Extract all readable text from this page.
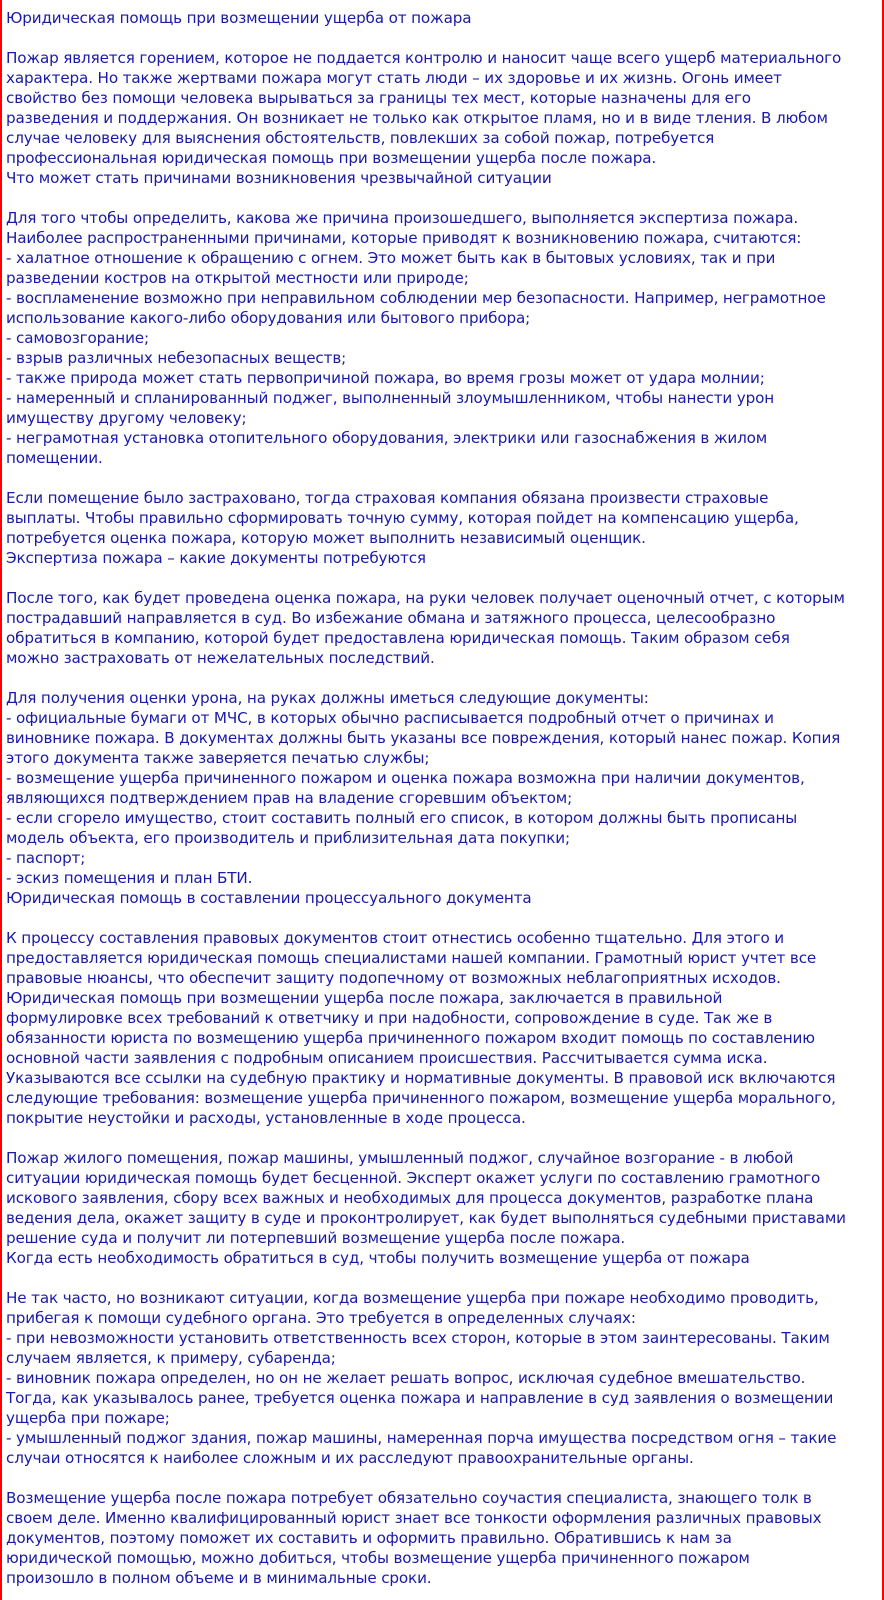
Юридическая помощь при возмещении ущерба от пожара
Пожар является горением, которое не поддается контролю и наносит чаще всего ущерб материального
характера. Но также жертвами пожара могут стать люди – их здоровье и их жизнь. Огонь имеет
свойство без помощи человека вырываться за границы тех мест, которые назначены для его
разведения и поддержания. Он возникает не только как открытое пламя, но и в виде тления. В любом
случае человеку для выяснения обстоятельств, повлекших за собой пожар, потребуется
профессиональная юридическая помощь при возмещении ущерба после пожара.
Что может стать причинами возникновения чрезвычайной ситуации
Для того чтобы определить, какова же причина произошедшего, выполняется экспертиза пожара.
Наиболее распространенными причинами, которые приводят к возникновению пожара, считаются:
- халатное отношение к обращению с огнем. Это может быть как в бытовых условиях, так и при
разведении костров на открытой местности или природе;
- воспламенение возможно при неправильном соблюдении мер безопасности. Например, неграмотное
использование какого-либо оборудования или бытового прибора;
- самовозгорание;
- взрыв различных небезопасных веществ;
- также природа может стать первопричиной пожара, во время грозы может от удара молнии;
- намеренный и спланированный поджег, выполненный злоумышленником, чтобы нанести урон
имуществу другому человеку;
- неграмотная установка отопительного оборудования, электрики или газоснабжения в жилом
помещении.
Если помещение было застраховано, тогда страховая компания обязана произвести страховые
выплаты. Чтобы правильно сформировать точную сумму, которая пойдет на компенсацию ущерба,
потребуется оценка пожара, которую может выполнить независимый оценщик.
Экспертиза пожара – какие документы потребуются
После того, как будет проведена оценка пожара, на руки человек получает оценочный отчет, с которым
пострадавший направляется в суд. Во избежание обмана и затяжного процесса, целесообразно
обратиться в компанию, которой будет предоставлена юридическая помощь. Таким образом себя
можно застраховать от нежелательных последствий.
Для получения оценки урона, на руках должны иметься следующие документы:
- официальные бумаги от МЧС, в которых обычно расписывается подробный отчет о причинах и
виновнике пожара. В документах должны быть указаны все повреждения, который нанес пожар. Копия
этого документа также заверяется печатью службы;
- возмещение ущерба причиненного пожаром и оценка пожара возможна при наличии документов,
являющихся подтверждением прав на владение сгоревшим объектом;
- если сгорело имущество, стоит составить полный его список, в котором должны быть прописаны
модель объекта, его производитель и приблизительная дата покупки;
- паспорт;
- эскиз помещения и план БТИ.
Юридическая помощь в составлении процессуального документа
К процессу составления правовых документов стоит отнестись особенно тщательно. Для этого и
предоставляется юридическая помощь специалистами нашей компании. Грамотный юрист учтет все
правовые нюансы, что обеспечит защиту подопечному от возможных неблагоприятных исходов.
Юридическая помощь при возмещении ущерба после пожара, заключается в правильной
формулировке всех требований к ответчику и при надобности, сопровождение в суде. Так же в
обязанности юриста по возмещению ущерба причиненного пожаром входит помощь по составлению
основной части заявления с подробным описанием происшествия. Рассчитывается сумма иска.
Указываются все ссылки на судебную практику и нормативные документы. В правовой иск включаются
следующие требования: возмещение ущерба причиненного пожаром, возмещение ущерба морального,
покрытие неустойки и расходы, установленные в ходе процесса.
Пожар жилого помещения, пожар машины, умышленный поджог, случайное возгорание - в любой
ситуации юридическая помощь будет бесценной. Эксперт окажет услуги по составлению грамотного
искового заявления, сбору всех важных и необходимых для процесса документов, разработке плана
ведения дела, окажет защиту в суде и проконтролирует, как будет выполняться судебными приставами
решение суда и получит ли потерпевший возмещение ущерба после пожара.
Когда есть необходимость обратиться в суд, чтобы получить возмещение ущерба от пожара
Не так часто, но возникают ситуации, когда возмещение ущерба при пожаре необходимо проводить,
прибегая к помощи судебного органа. Это требуется в определенных случаях:
- при невозможности установить ответственность всех сторон, которые в этом заинтересованы. Таким
случаем является, к примеру, субаренда;
- виновник пожара определен, но он не желает решать вопрос, исключая судебное вмешательство.
Тогда, как указывалось ранее, требуется оценка пожара и направление в суд заявления о возмещении
ущерба при пожаре;
- умышленный поджог здания, пожар машины, намеренная порча имущества посредством огня – такие
случаи относятся к наиболее сложным и их расследуют правоохранительные органы.
Возмещение ущерба после пожара потребует обязательно соучастия специалиста, знающего толк в
своем деле. Именно квалифицированный юрист знает все тонкости оформления различных правовых
документов, поэтому поможет их составить и оформить правильно. Обратившись к нам за
юридической помощью, можно добиться, чтобы возмещение ущерба причиненного пожаром
произошло в полном объеме и в минимальные сроки.
